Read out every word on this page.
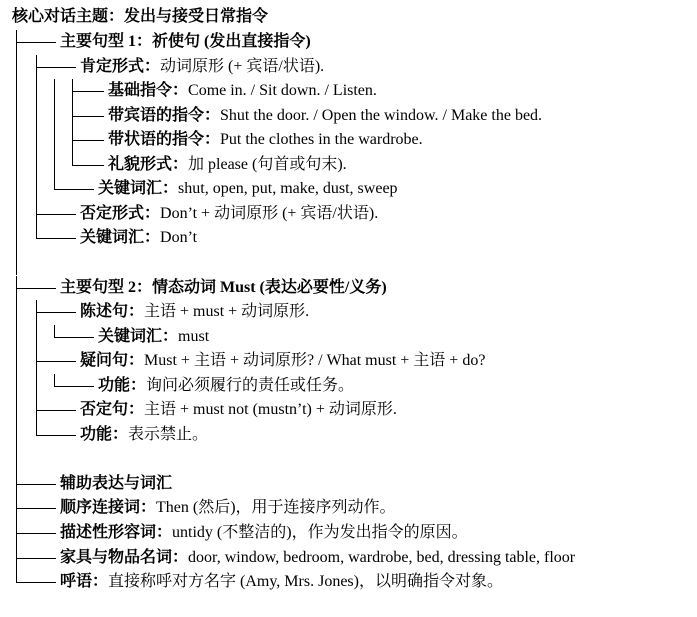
核心对话主题：发出与接受日常指令
主要句型 1：祈使句 (发出直接指令)
肯定形式：动词原形 (+ 宾语/状语).
基础指令：Come in. / Sit down. / Listen.
带宾语的指令：Shut the door. / Open the window. / Make the bed.
带状语的指令：Put the clothes in the wardrobe.
礼貌形式：加 please (句首或句末).
关键词汇：shut, open, put, make, dust, sweep
否定形式：Don’t + 动词原形 (+ 宾语/状语).
关键词汇：Don’t
主要句型 2：情态动词 Must (表达必要性/义务)
陈述句：主语 + must + 动词原形.
关键词汇：must
疑问句：Must + 主语 + 动词原形? / What must + 主语 + do?
功能：询问必须履行的责任或任务。
否定句：主语 + must not (mustn’t) + 动词原形.
功能：表示禁止。
辅助表达与词汇
顺序连接词：Then (然后)，用于连接序列动作。
描述性形容词：untidy (不整洁的)，作为发出指令的原因。
家具与物品名词：door, window, bedroom, wardrobe, bed, dressing table, floor
呼语：直接称呼对方名字 (Amy, Mrs. Jones)，以明确指令对象。
